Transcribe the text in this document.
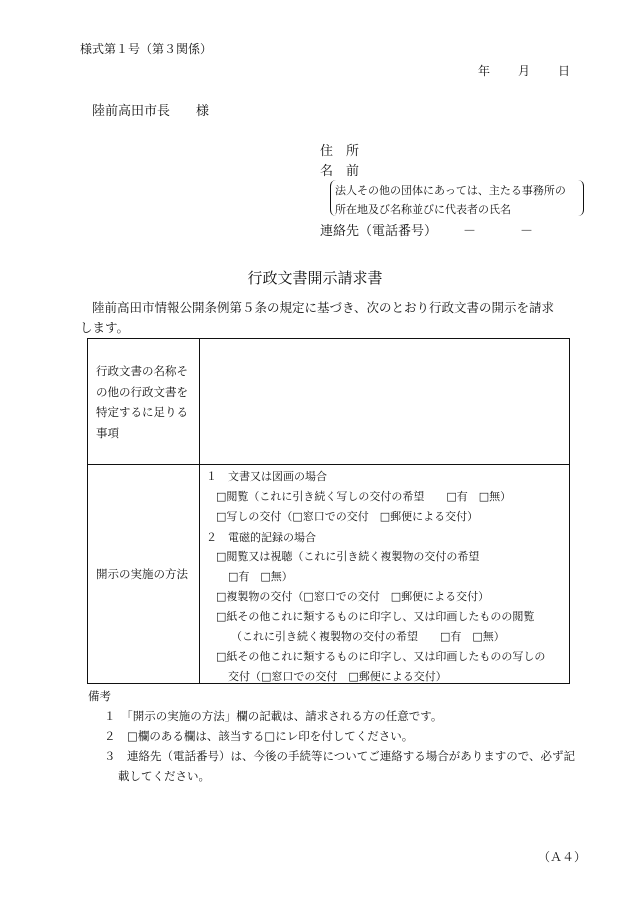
様式第１号（第３関係）
年 月 日
陸前高田市長　　様
住　所
名　前
法人その他の団体にあっては、主たる事務所の
所在地及び名称並びに代表者の氏名
連絡先（電話番号） －	－
行政文書開示請求書
陸前高田市情報公開条例第５条の規定に基づき、次のとおり行政文書の開示を請求
します。
行政文書の名称そ
の他の行政文書を
特定するに足りる
事項
開示の実施の方法
１　文書又は図画の場合
□閲覧（これに引き続く写しの交付の希望　　□有　□無）
□写しの交付（□窓口での交付　□郵便による交付）
２　電磁的記録の場合
□閲覧又は視聴（これに引き続く複製物の交付の希望
□有　□無）
□複製物の交付（□窓口での交付　□郵便による交付）
□紙その他これに類するものに印字し、又は印画したものの閲覧
（これに引き続く複製物の交付の希望　　□有　□無）
□紙その他これに類するものに印字し、又は印画したものの写しの
交付（□窓口での交付　□郵便による交付）
備考
１　「開示の実施の方法」欄の記載は、請求される方の任意です。
２　□欄のある欄は、該当する□にレ印を付してください。
３　連絡先（電話番号）は、今後の手続等についてご連絡する場合がありますので、必ず記
載してください。
（Ａ４）
